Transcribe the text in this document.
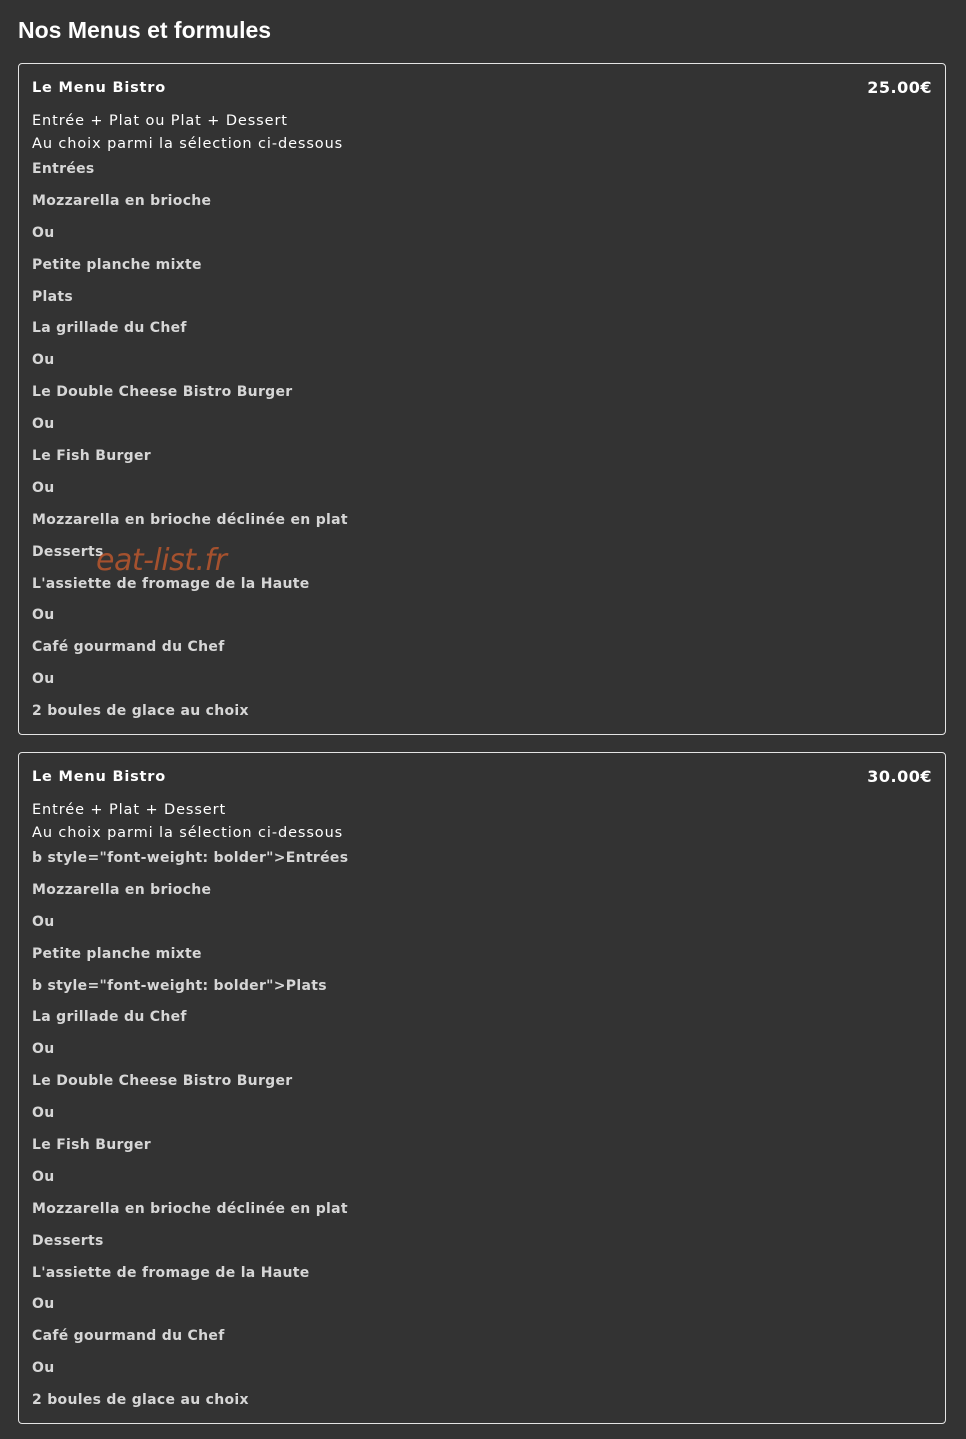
Nos Menus et formules
Le Menu Bistro	25.00€
Entrée + Plat ou Plat + Dessert
Au choix parmi la sélection ci-dessous
Entrées
Mozzarella en brioche
Ou
Petite planche mixte
Plats
La grillade du Chef
Ou
Le Double Cheese Bistro Burger
Ou
Le Fish Burger
Ou
Mozzarella en brioche déclinée en plat
Desserts
L'assiette de fromage de la Haute
Ou
Café gourmand du Chef
Ou
2 boules de glace au choix
Le Menu Bistro	30.00€
Entrée + Plat + Dessert
Au choix parmi la sélection ci-dessous
b style="font-weight: bolder">Entrées
Mozzarella en brioche
Ou
Petite planche mixte
b style="font-weight: bolder">Plats
La grillade du Chef
Ou
Le Double Cheese Bistro Burger
Ou
Le Fish Burger
Ou
Mozzarella en brioche déclinée en plat
Desserts
L'assiette de fromage de la Haute
Ou
Café gourmand du Chef
Ou
2 boules de glace au choix
eat-list.fr
